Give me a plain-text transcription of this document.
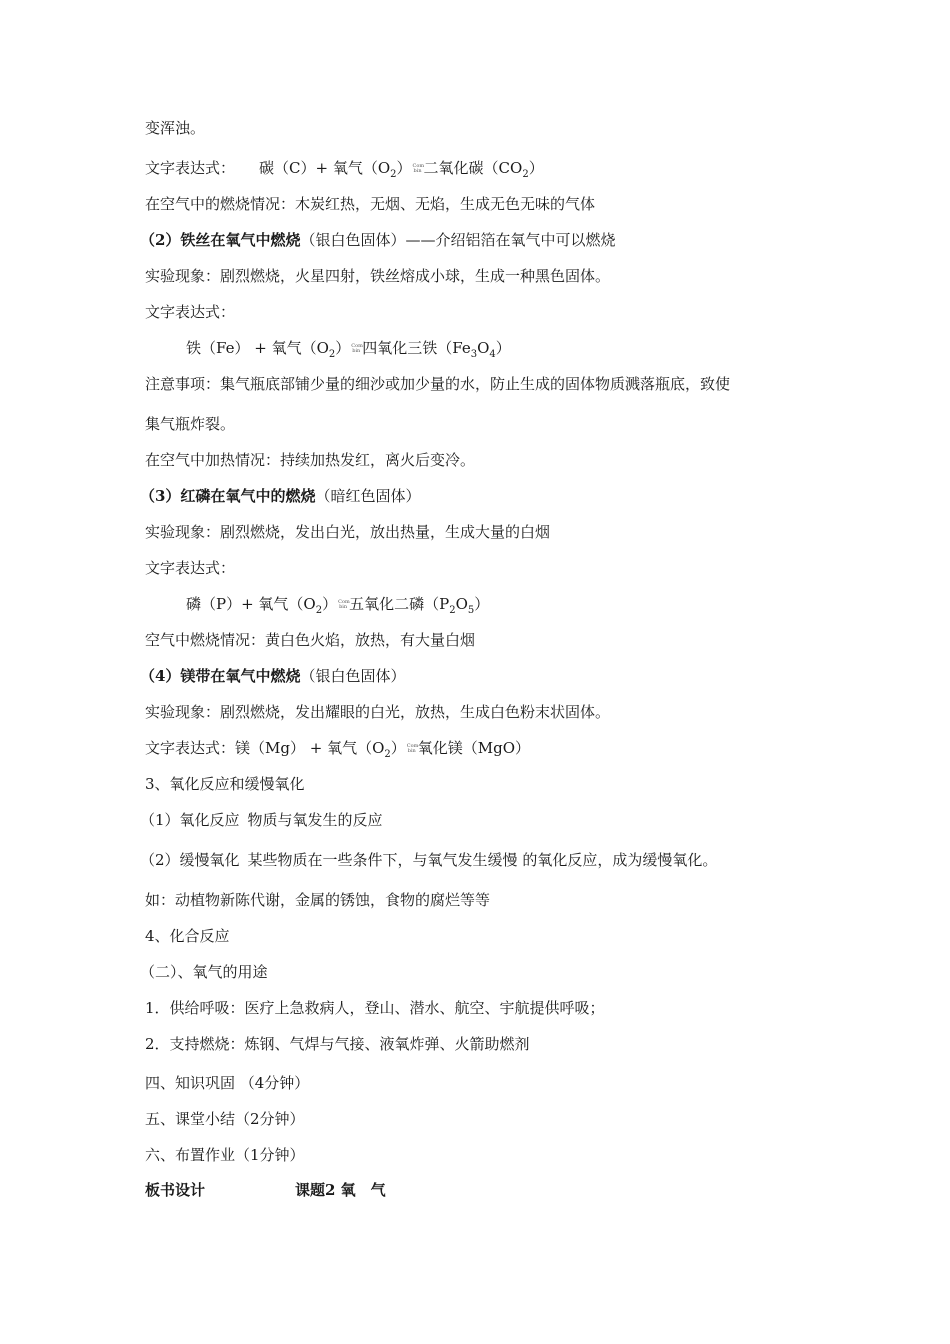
变浑浊。
文字表达式： 碳（C）+ 氧气$(O_2)$ Com
bin 二氧化碳$(CO_2)$
在空气中的燃烧情况：木炭红热，无烟、无焰，生成无色无味的气体
（2）铁丝在氧气中燃烧（银白色固体）——介绍铝箔在氧气中可以燃烧
实验现象：剧烈燃烧，火星四射，铁丝熔成小球，生成一种黑色固体。
文字表达式：
铁（Fe） + 氧气$(O_2)$ Com
bin 四氧化三铁$(Fe_3O_4)$
注意事项：集气瓶底部铺少量的细沙或加少量的水，防止生成的固体物质溅落瓶底，致使
集气瓶炸裂。
在空气中加热情况：持续加热发红，离火后变冷。
（3）红磷在氧气中的燃烧（暗红色固体）
实验现象：剧烈燃烧，发出白光，放出热量，生成大量的白烟
文字表达式：
磷（P）+ 氧气$(O_2)$ Com
bin 五氧化二磷$(P_2O_5)$
空气中燃烧情况：黄白色火焰，放热，有大量白烟
（4）镁带在氧气中燃烧（银白色固体）
实验现象：剧烈燃烧，发出耀眼的白光，放热，生成白色粉末状固体。
文字表达式：镁（Mg） + 氧气$(O_2)$ Com
bin 氧化镁（MgO）
3、氧化反应和缓慢氧化
（1）氧化反应 物质与氧发生的反应
（2）缓慢氧化 某些物质在一些条件下，与氧气发生缓慢 的氧化反应，成为缓慢氧化。
如：动植物新陈代谢，金属的锈蚀，食物的腐烂等等
4、化合反应
（二）、氧气的用途
1．供给呼吸：医疗上急救病人，登山、潜水、航空、宇航提供呼吸；
2．支持燃烧：炼钢、气焊与气接、液氧炸弹、火箭助燃剂
四、知识巩固 （4分钟）
五、课堂小结（2分钟）
六、布置作业（1分钟）
板书设计	课题2 氧　气
